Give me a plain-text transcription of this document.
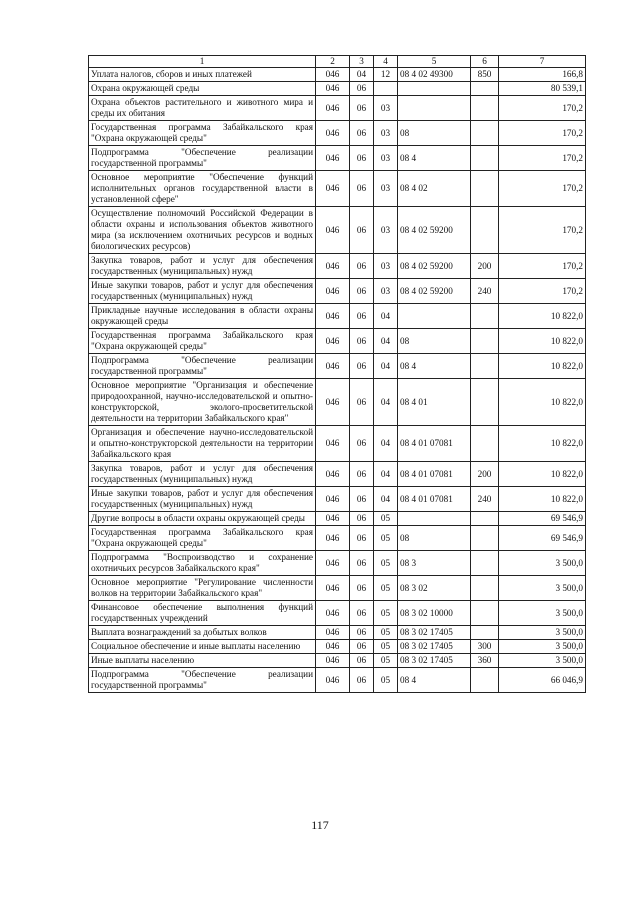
1	2	3	4	5	6	7
Уплата налогов, сборов и иных платежей	046	04	12	08 4 02 49300	850	166,8
Охрана окружающей среды	046	06				80 539,1
Охрана объектов растительного и животного мира и среды их обитания	046	06	03			170,2
Государственная программа Забайкальского края "Охрана окружающей среды"	046	06	03	08		170,2
Подпрограмма "Обеспечение реализации государственной программы"	046	06	03	08 4		170,2
Основное мероприятие "Обеспечение функций исполнительных органов государственной власти в установленной сфере"	046	06	03	08 4 02		170,2
Осуществление полномочий Российской Федерации в области охраны и использования объектов животного мира (за исключением охотничьих ресурсов и водных биологических ресурсов)	046	06	03	08 4 02 59200		170,2
Закупка товаров, работ и услуг для обеспечения государственных (муниципальных) нужд	046	06	03	08 4 02 59200	200	170,2
Иные закупки товаров, работ и услуг для обеспечения государственных (муниципальных) нужд	046	06	03	08 4 02 59200	240	170,2
Прикладные научные исследования в области охраны окружающей среды	046	06	04			10 822,0
Государственная программа Забайкальского края "Охрана окружающей среды"	046	06	04	08		10 822,0
Подпрограмма "Обеспечение реализации государственной программы"	046	06	04	08 4		10 822,0
Основное мероприятие "Организация и обеспечение природоохранной, научно-исследовательской и опытно- конструкторской, эколого-просветительской деятельности на территории Забайкальского края"	046	06	04	08 4 01		10 822,0
Организация и обеспечение научно-исследовательской и опытно-конструкторской деятельности на территории Забайкальского края	046	06	04	08 4 01 07081		10 822,0
Закупка товаров, работ и услуг для обеспечения государственных (муниципальных) нужд	046	06	04	08 4 01 07081	200	10 822,0
Иные закупки товаров, работ и услуг для обеспечения государственных (муниципальных) нужд	046	06	04	08 4 01 07081	240	10 822,0
Другие вопросы в области охраны окружающей среды	046	06	05			69 546,9
Государственная программа Забайкальского края "Охрана окружающей среды"	046	06	05	08		69 546,9
Подпрограмма "Воспроизводство и сохранение охотничьих ресурсов Забайкальского края"	046	06	05	08 3		3 500,0
Основное мероприятие "Регулирование численности волков на территории Забайкальского края"	046	06	05	08 3 02		3 500,0
Финансовое обеспечение выполнения функций государственных учреждений	046	06	05	08 3 02 10000		3 500,0
Выплата вознаграждений за добытых волков	046	06	05	08 3 02 17405		3 500,0
Социальное обеспечение и иные выплаты населению	046	06	05	08 3 02 17405	300	3 500,0
Иные выплаты населению	046	06	05	08 3 02 17405	360	3 500,0
Подпрограмма "Обеспечение реализации государственной программы"	046	06	05	08 4		66 046,9
117
